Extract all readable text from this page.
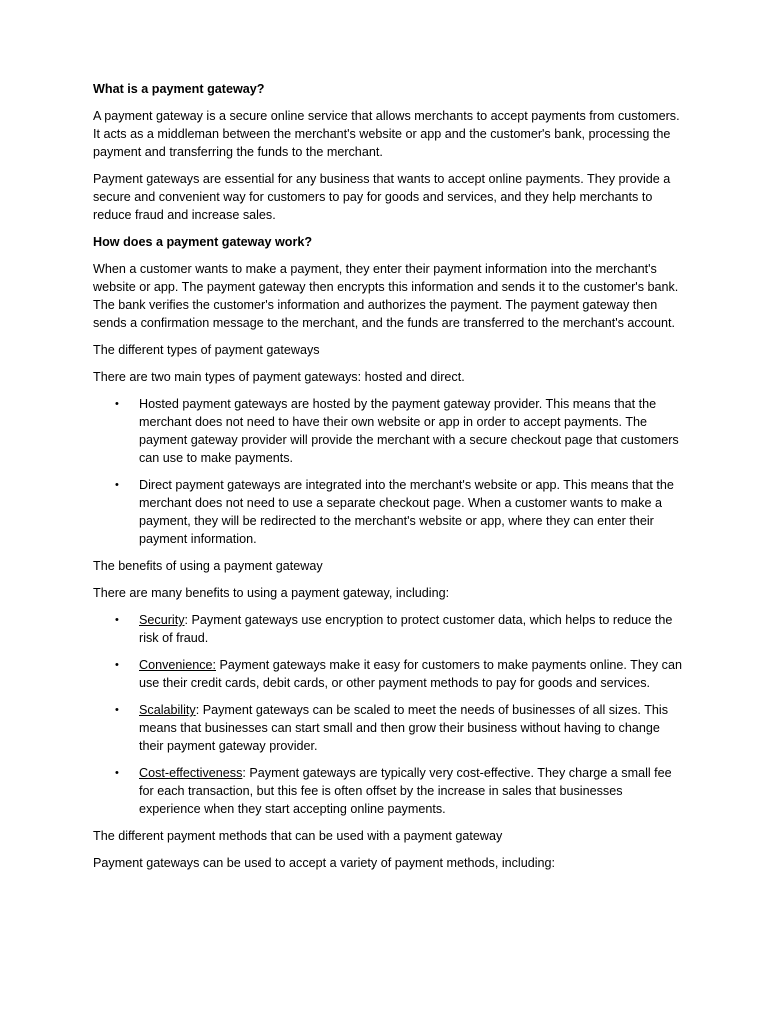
What is a payment gateway?

A payment gateway is a secure online service that allows merchants to accept payments from customers. It acts as a middleman between the merchant's website or app and the customer's bank, processing the payment and transferring the funds to the merchant.

Payment gateways are essential for any business that wants to accept online payments. They provide a secure and convenient way for customers to pay for goods and services, and they help merchants to reduce fraud and increase sales.

How does a payment gateway work?

When a customer wants to make a payment, they enter their payment information into the merchant's website or app. The payment gateway then encrypts this information and sends it to the customer's bank. The bank verifies the customer's information and authorizes the payment. The payment gateway then sends a confirmation message to the merchant, and the funds are transferred to the merchant's account.

The different types of payment gateways

There are two main types of payment gateways: hosted and direct.

• Hosted payment gateways are hosted by the payment gateway provider. This means that the merchant does not need to have their own website or app in order to accept payments. The payment gateway provider will provide the merchant with a secure checkout page that customers can use to make payments.
• Direct payment gateways are integrated into the merchant's website or app. This means that the merchant does not need to use a separate checkout page. When a customer wants to make a payment, they will be redirected to the merchant's website or app, where they can enter their payment information.

The benefits of using a payment gateway

There are many benefits to using a payment gateway, including:

• Security: Payment gateways use encryption to protect customer data, which helps to reduce the risk of fraud.
• Convenience: Payment gateways make it easy for customers to make payments online. They can use their credit cards, debit cards, or other payment methods to pay for goods and services.
• Scalability: Payment gateways can be scaled to meet the needs of businesses of all sizes. This means that businesses can start small and then grow their business without having to change their payment gateway provider.
• Cost-effectiveness: Payment gateways are typically very cost-effective. They charge a small fee for each transaction, but this fee is often offset by the increase in sales that businesses experience when they start accepting online payments.

The different payment methods that can be used with a payment gateway

Payment gateways can be used to accept a variety of payment methods, including:
